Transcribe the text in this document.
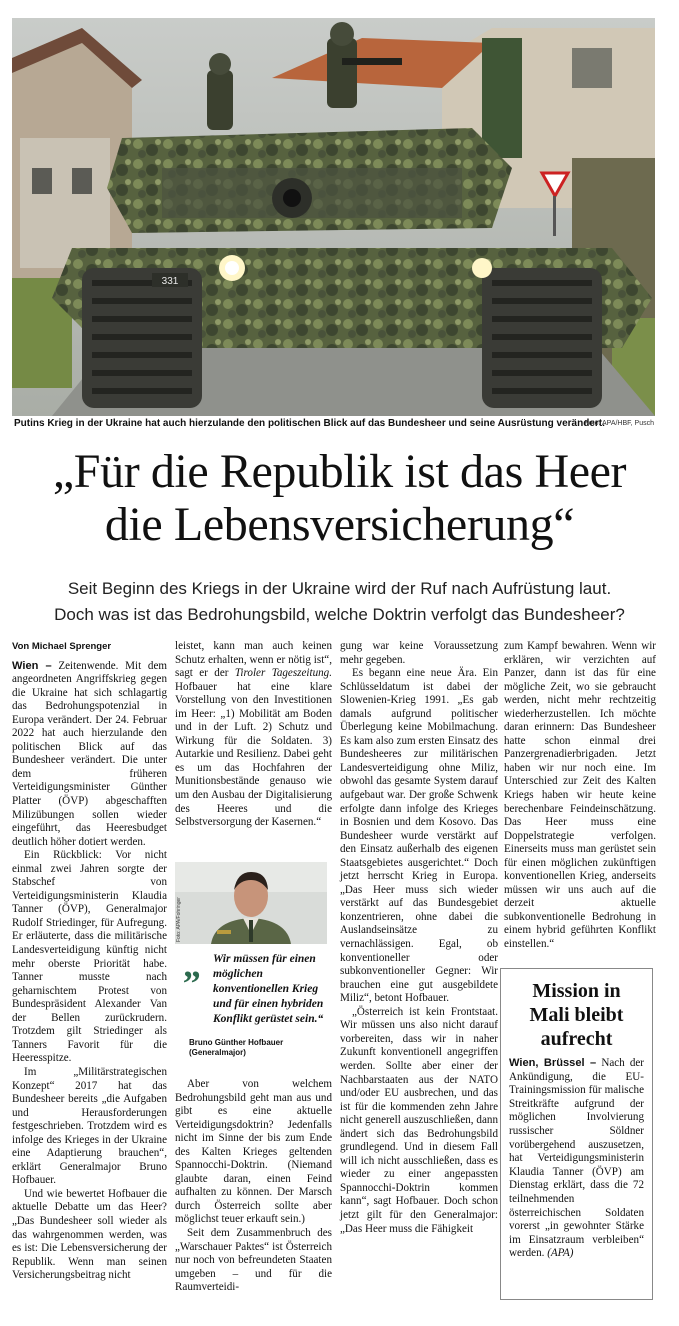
331
Putins Krieg in der Ukraine hat auch hierzulande den politischen Blick auf das Bundesheer und seine Ausrüstung verändert.
Foto: APA/HBF, Pusch
„Für die Republik ist das Heer
die Lebensversicherung“
Seit Beginn des Kriegs in der Ukraine wird der Ruf nach Aufrüstung laut.
Doch was ist das Bedrohungsbild, welche Doktrin verfolgt das Bundesheer?
Von Michael Sprenger

Wien – Zeitenwende. Mit dem angeordneten Angriffskrieg gegen die Ukraine hat sich schlagartig das Bedrohungspotenzial in Europa verändert. Der 24. Februar 2022 hat auch hierzulande den politischen Blick auf das Bundesheer verändert. Die unter dem früheren Verteidigungsminister Günther Platter (ÖVP) abgeschafften Milizübungen sollen wieder eingeführt, das Heeresbudget deutlich höher dotiert werden.

Ein Rückblick: Vor nicht einmal zwei Jahren sorgte der Stabschef von Verteidigungsministerin Klaudia Tanner (ÖVP), Generalmajor Rudolf Striedinger, für Aufregung. Er erläuterte, dass die militärische Landesverteidigung künftig nicht mehr oberste Priorität habe. Tanner musste nach geharnischtem Protest von Bundespräsident Alexander Van der Bellen zurückrudern. Trotzdem gilt Striedinger als Tanners Favorit für die Heeresspitze.

Im „Militärstrategischen Konzept“ 2017 hat das Bundesheer bereits „die Aufgaben und Herausforderungen festgeschrieben. Trotzdem wird es infolge des Krieges in der Ukraine eine Adaptierung brauchen“, erklärt Generalmajor Bruno Hofbauer.

Und wie bewertet Hofbauer die aktuelle Debatte um das Heer? „Das Bundesheer soll wieder als das wahrgenommen werden, was es ist: Die Lebensversicherung der Republik. Wenn man seinen Versicherungsbeitrag nicht

leistet, kann man auch keinen Schutz erhalten, wenn er nötig ist“, sagt er der Tiroler Tageszeitung. Hofbauer hat eine klare Vorstellung von den Investitionen im Heer: „1) Mobilität am Boden und in der Luft. 2) Schutz und Wirkung für die Soldaten. 3) Autarkie und Resilienz. Dabei geht es um das Hochfahren der Munitionsbestände genauso wie um den Ausbau der Digitalisierung des Heeres und die Selbstversorgung der Kasernen.“

gung war keine Voraussetzung mehr gegeben.

Es begann eine neue Ära. Ein Schlüsseldatum ist dabei der Slowenien-Krieg 1991. „Es gab damals aufgrund politischer Überlegung keine Mobilmachung. Es kam also zum ersten Einsatz des Bundesheeres zur militärischen Landesverteidigung ohne Miliz, obwohl das gesamte System darauf aufgebaut war. Der große Schwenk erfolgte dann infolge des Krieges in Bosnien und dem Kosovo. Das Bundesheer wurde verstärkt auf den Einsatz außerhalb des eigenen Staatsgebietes ausgerichtet.“ Doch jetzt herrscht Krieg in Europa. „Das Heer muss sich wieder verstärkt auf das Bundesgebiet konzentrieren, ohne dabei die Auslandseinsätze zu vernachlässigen. Egal, ob konventioneller oder subkonventioneller Gegner: Wir brauchen eine gut ausgebildete Miliz“, betont Hofbauer.

„Österreich ist kein Frontstaat. Wir müssen uns also nicht darauf vorbereiten, dass wir in naher Zukunft konventionell angegriffen werden. Sollte aber einer der Nachbarstaaten aus der NATO und/oder EU ausbrechen, und das ist für die kommenden zehn Jahre nicht generell auszuschließen, dann ändert sich das Bedrohungsbild grundlegend. Und in diesem Fall will ich nicht ausschließen, dass es wieder zu einer angepassten Spannocchi-Doktrin kommen kann“, sagt Hofbauer. Doch schon jetzt gilt für den Generalmajor: „Das Heer muss die Fähigkeit

zum Kampf bewahren. Wenn wir erklären, wir verzichten auf Panzer, dann ist das für eine mögliche Zeit, wo sie gebraucht werden, nicht mehr rechtzeitig wiederherzustellen. Ich möchte daran erinnern: Das Bundesheer hatte schon einmal drei Panzergrenadierbrigaden. Jetzt haben wir nur noch eine. Im Unterschied zur Zeit des Kalten Kriegs haben wir heute keine berechenbare Feindeinschätzung. Das Heer muss eine Doppelstrategie verfolgen. Einerseits muss man gerüstet sein für einen möglichen zukünftigen konventionellen Krieg, anderseits müssen wir uns auch auf die derzeit aktuelle subkonventionelle Bedrohung in einem hybrid geführten Konflikt einstellen.“

Foto: APA/Fohringer
„ Wir müssen für einen möglichen konventionellen Krieg und für einen hybriden Konflikt gerüstet sein.“
Bruno Günther Hofbauer
(Generalmajor)

Aber von welchem Bedrohungsbild geht man aus und gibt es eine aktuelle Verteidigungsdoktrin? Jedenfalls nicht im Sinne der bis zum Ende des Kalten Krieges geltenden Spannocchi-Doktrin. (Niemand glaubte daran, einen Feind aufhalten zu können. Der Marsch durch Österreich sollte aber möglichst teuer erkauft sein.)

Seit dem Zusammenbruch des „Warschauer Paktes“ ist Österreich nur noch von befreundeten Staaten umgeben – und für die Raumverteidi-

Mission in
Mali bleibt
aufrecht

Wien, Brüssel – Nach der Ankündigung, die EU-Trainingsmission für malische Streitkräfte aufgrund der möglichen Involvierung russischer Söldner vorübergehend auszusetzen, hat Verteidigungsministerin Klaudia Tanner (ÖVP) am Dienstag erklärt, dass die 72 teilnehmenden österreichischen Soldaten vorerst „in gewohnter Stärke im Einsatzraum verbleiben“ werden. (APA)
